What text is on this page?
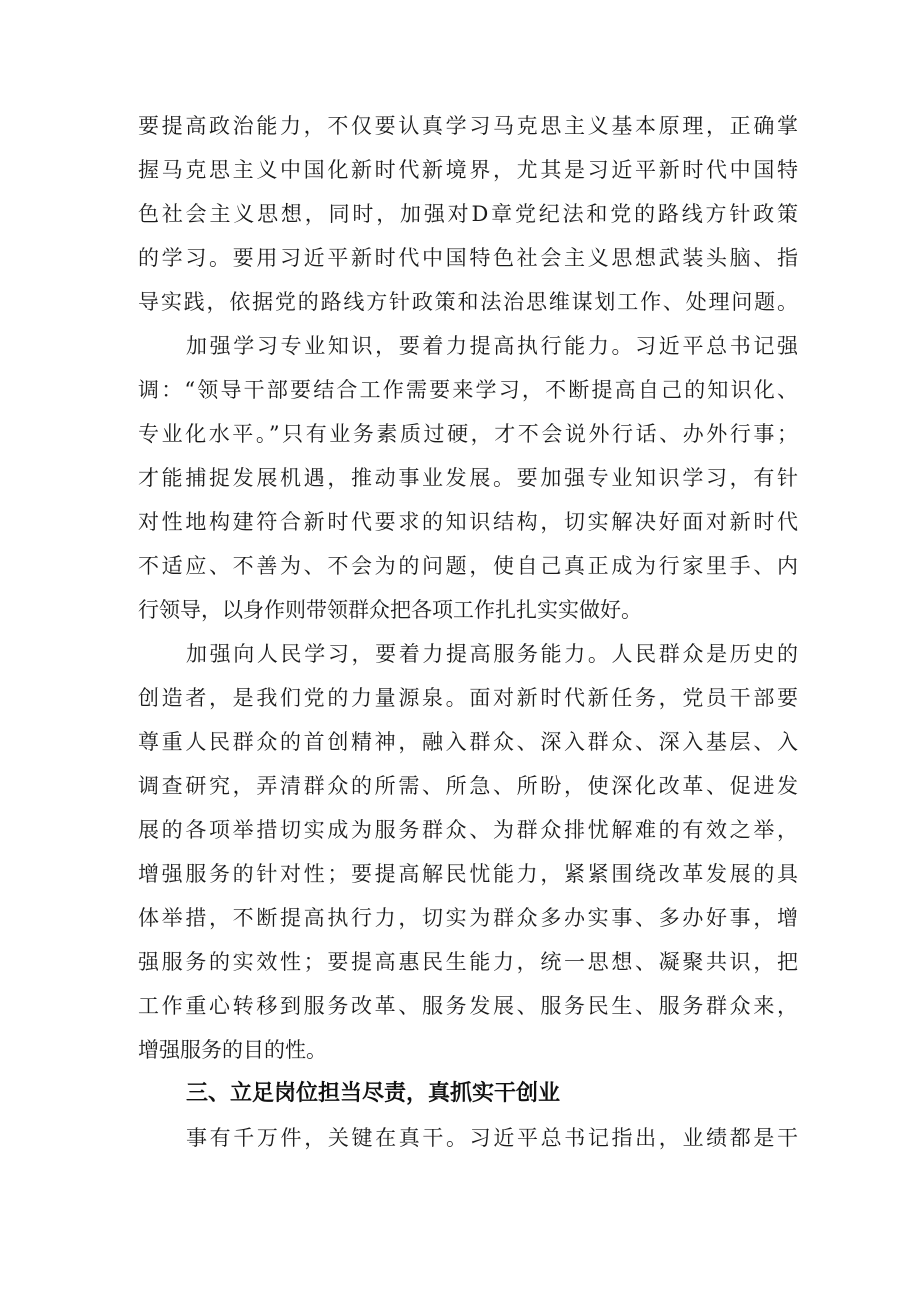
要提高政治能力，不仅要认真学习马克思主义基本原理，正确掌
握马克思主义中国化新时代新境界，尤其是习近平新时代中国特
色社会主义思想，同时，加强对D章党纪法和党的路线方针政策
的学习。要用习近平新时代中国特色社会主义思想武装头脑、指
导实践，依据党的路线方针政策和法治思维谋划工作、处理问题。
加强学习专业知识，要着力提高执行能力。习近平总书记强
调：“领导干部要结合工作需要来学习，不断提高自己的知识化、
专业化水平。”只有业务素质过硬，才不会说外行话、办外行事；
才能捕捉发展机遇，推动事业发展。要加强专业知识学习，有针
对性地构建符合新时代要求的知识结构，切实解决好面对新时代
不适应、不善为、不会为的问题，使自己真正成为行家里手、内
行领导，以身作则带领群众把各项工作扎扎实实做好。
加强向人民学习，要着力提高服务能力。人民群众是历史的
创造者，是我们党的力量源泉。面对新时代新任务，党员干部要
尊重人民群众的首创精神，融入群众、深入群众、深入基层、入
调查研究，弄清群众的所需、所急、所盼，使深化改革、促进发
展的各项举措切实成为服务群众、为群众排忧解难的有效之举，
增强服务的针对性；要提高解民忧能力，紧紧围绕改革发展的具
体举措，不断提高执行力，切实为群众多办实事、多办好事，增
强服务的实效性；要提高惠民生能力，统一思想、凝聚共识，把
工作重心转移到服务改革、服务发展、服务民生、服务群众来，
增强服务的目的性。
三、立足岗位担当尽责，真抓实干创业
事有千万件，关键在真干。习近平总书记指出，业绩都是干
